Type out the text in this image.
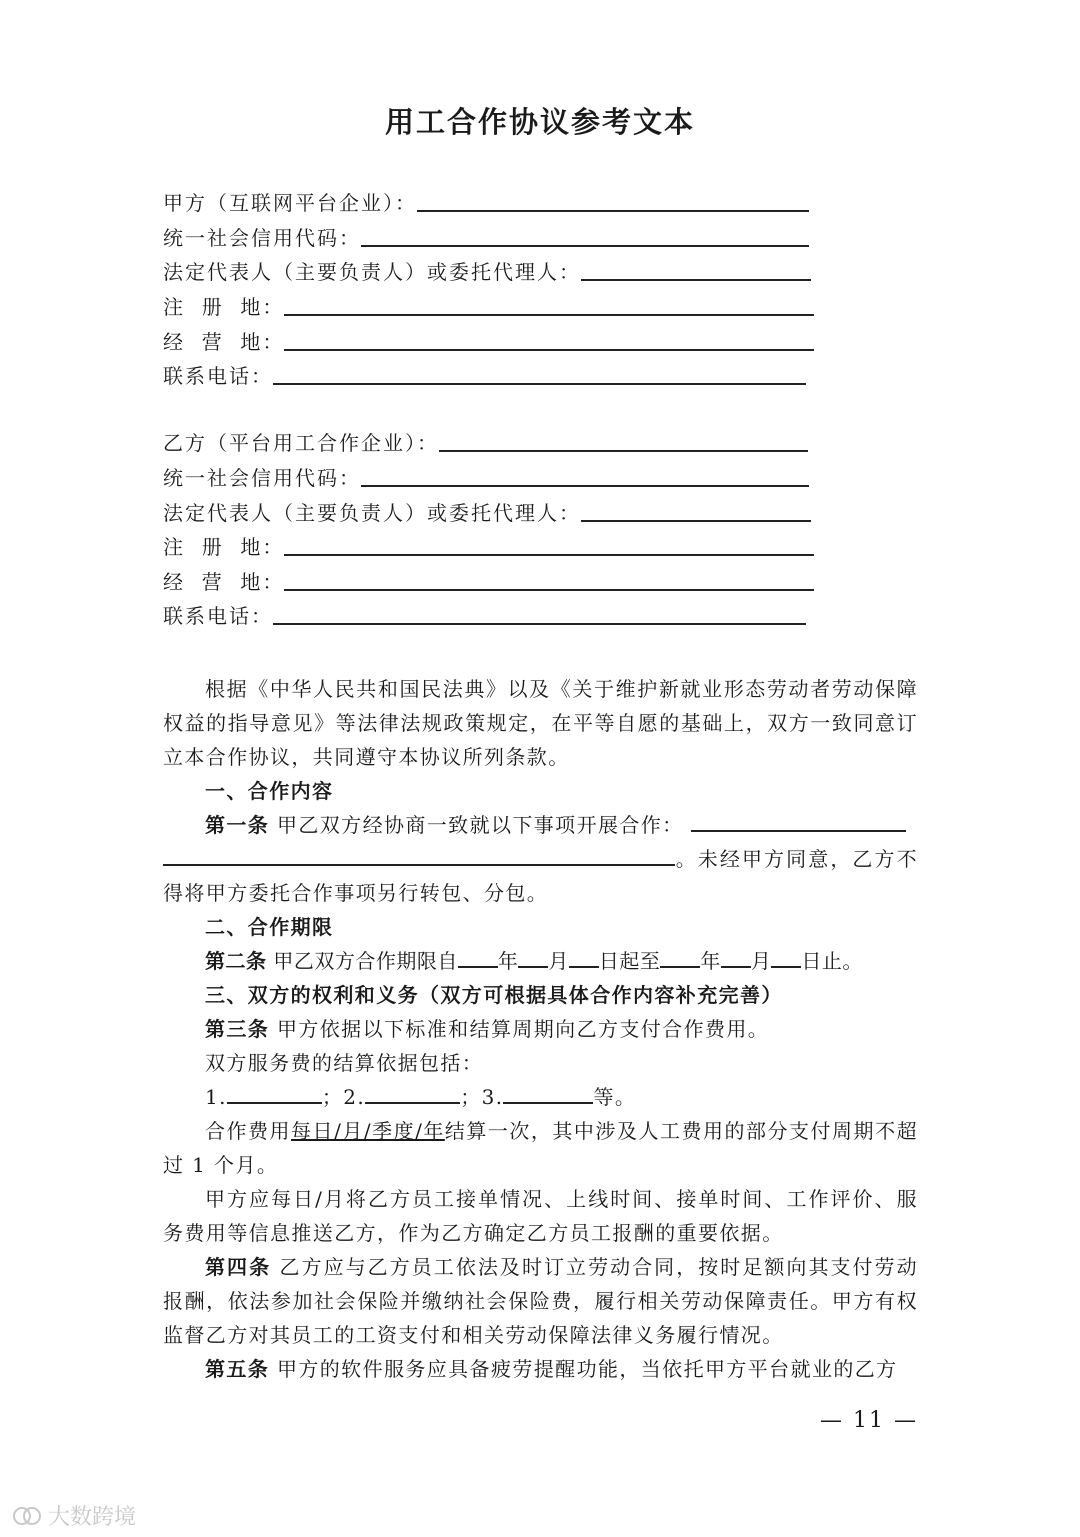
用工合作协议参考文本
甲方（互联网平台企业）：
统一社会信用代码：
法定代表人（主要负责人）或委托代理人：
注  册  地：
经  营  地：
联系电话：
乙方（平台用工合作企业）：
统一社会信用代码：
法定代表人（主要负责人）或委托代理人：
注  册  地：
经  营  地：
联系电话：

根据《中华人民共和国民法典》以及《关于维护新就业形态劳动者劳动保障权益的指导意见》等法律法规政策规定，在平等自愿的基础上，双方一致同意订立本合作协议，共同遵守本协议所列条款。

一、合作内容

第一条 甲乙双方经协商一致就以下事项开展合作：
。未经甲方同意，乙方不得将甲方委托合作事项另行转包、分包。

二、合作期限

第二条 甲乙双方合作期限自 年 月 日起至 年 月 日止。

三、双方的权利和义务（双方可根据具体合作内容补充完善）

第三条 甲方依据以下标准和结算周期向乙方支付合作费用。

双方服务费的结算依据包括：

1.	；2.	；3.	等。

合作费用每日/月/季度/年结算一次，其中涉及人工费用的部分支付周期不超过 1 个月。

甲方应每日/月将乙方员工接单情况、上线时间、接单时间、工作评价、服务费用等信息推送乙方，作为乙方确定乙方员工报酬的重要依据。

第四条 乙方应与乙方员工依法及时订立劳动合同，按时足额向其支付劳动报酬，依法参加社会保险并缴纳社会保险费，履行相关劳动保障责任。甲方有权监督乙方对其员工的工资支付和相关劳动保障法律义务履行情况。

第五条 甲方的软件服务应具备疲劳提醒功能，当依托甲方平台就业的乙方

— 11 —
大数跨境
